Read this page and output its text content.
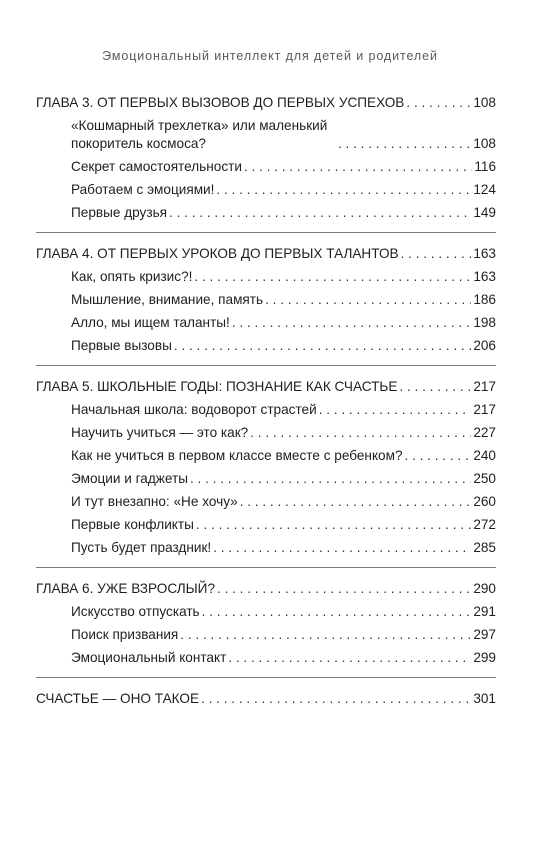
Эмоциональный интеллект для детей и родителей
ГЛАВА 3. ОТ ПЕРВЫХ ВЫЗОВОВ ДО ПЕРВЫХ УСПЕХОВ . . .	108
«Кошмарный трехлетка» или маленький покоритель космоса? . . .	108
Секрет самостоятельности . . .	116
Работаем с эмоциями! . . .	124
Первые друзья . . .	149
ГЛАВА 4. ОТ ПЕРВЫХ УРОКОВ ДО ПЕРВЫХ ТАЛАНТОВ . . .	163
Как, опять кризис?! . . .	163
Мышление, внимание, память . . .	186
Алло, мы ищем таланты! . . .	198
Первые вызовы . . .	206
ГЛАВА 5. ШКОЛЬНЫЕ ГОДЫ: ПОЗНАНИЕ КАК СЧАСТЬЕ . . .	217
Начальная школа: водоворот страстей . . .	217
Научить учиться — это как? . . .	227
Как не учиться в первом классе вместе с ребенком? . . .	240
Эмоции и гаджеты . . .	250
И тут внезапно: «Не хочу» . . .	260
Первые конфликты . . .	272
Пусть будет праздник! . . .	285
ГЛАВА 6. УЖЕ ВЗРОСЛЫЙ? . . .	290
Искусство отпускать . . .	291
Поиск призвания . . .	297
Эмоциональный контакт . . .	299
СЧАСТЬЕ — ОНО ТАКОЕ . . .	301
